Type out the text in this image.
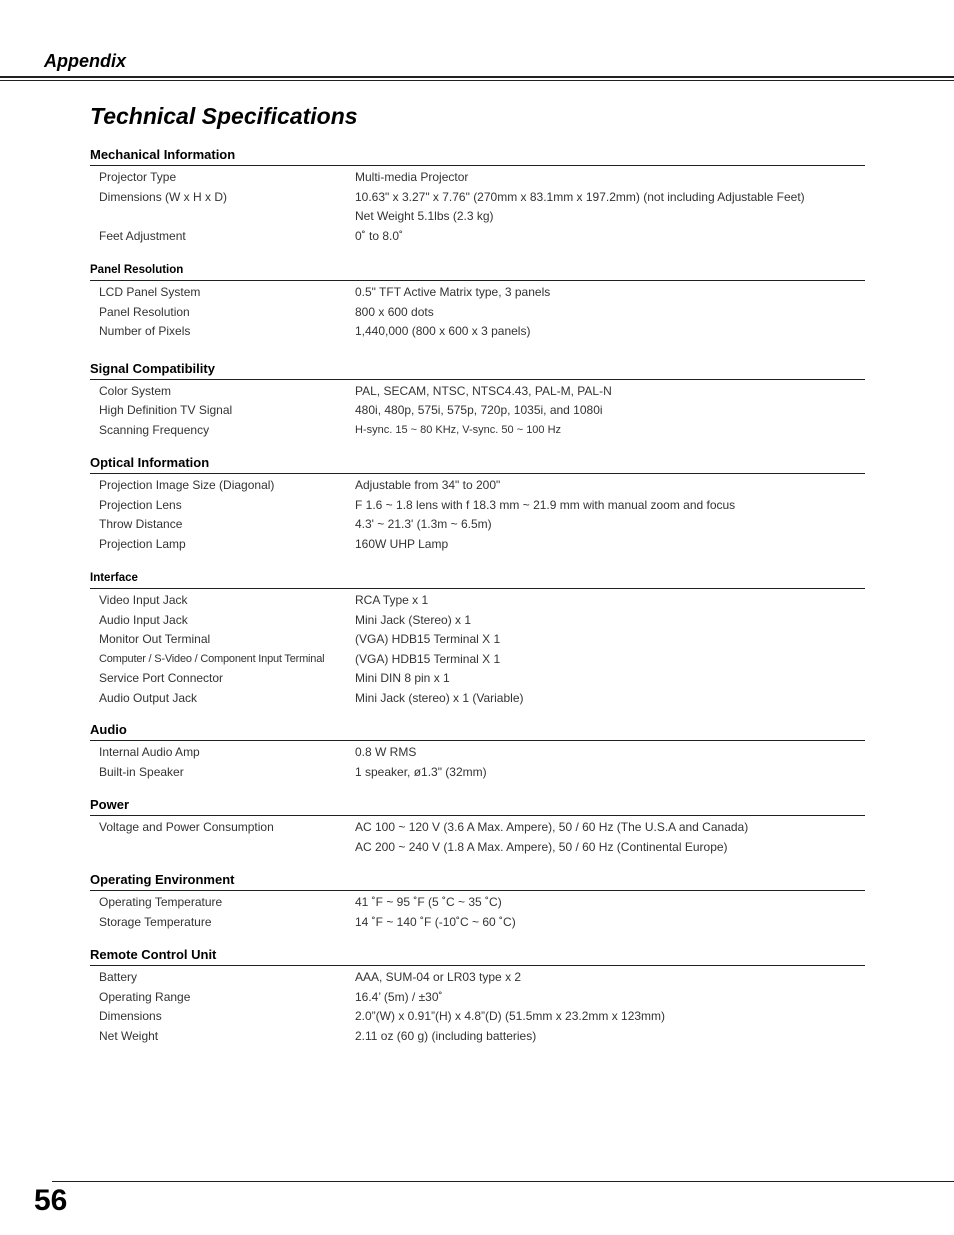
Appendix
Technical Specifications
Mechanical Information
Projector Type	Multi-media Projector
Dimensions (W x H x D)	10.63" x 3.27" x 7.76" (270mm x 83.1mm x 197.2mm) (not including Adjustable Feet)
Net Weight 5.1lbs (2.3 kg)
Feet Adjustment	0˚ to 8.0˚
Panel Resolution
LCD Panel System	0.5" TFT Active Matrix type, 3 panels
Panel Resolution	800 x 600 dots
Number of Pixels	1,440,000 (800 x 600 x 3 panels)
Signal Compatibility
Color System	PAL, SECAM, NTSC, NTSC4.43, PAL-M, PAL-N
High Definition TV Signal	480i, 480p, 575i, 575p, 720p, 1035i, and 1080i
Scanning Frequency	H-sync. 15 ~ 80 KHz, V-sync. 50 ~ 100 Hz
Optical Information
Projection Image Size (Diagonal)	Adjustable from 34" to 200"
Projection Lens	F 1.6 ~ 1.8 lens with f 18.3 mm ~ 21.9 mm with manual zoom and focus
Throw Distance	4.3' ~ 21.3' (1.3m ~ 6.5m)
Projection Lamp	160W UHP Lamp
Interface
Video Input Jack	RCA Type x 1
Audio Input Jack	Mini Jack (Stereo) x 1
Monitor Out Terminal	(VGA) HDB15 Terminal X 1
Computer / S-Video / Component Input Terminal	(VGA) HDB15 Terminal X 1
Service Port Connector	Mini DIN 8 pin x 1
Audio Output Jack	Mini Jack (stereo) x 1 (Variable)
Audio
Internal Audio Amp	0.8 W RMS
Built-in Speaker	1 speaker, ø1.3" (32mm)
Power
Voltage and Power Consumption	AC 100 ~ 120 V (3.6 A Max. Ampere), 50 / 60 Hz (The U.S.A and Canada)
AC 200 ~ 240 V (1.8 A Max. Ampere), 50 / 60 Hz (Continental Europe)
Operating Environment
Operating Temperature	41 ˚F ~ 95 ˚F (5 ˚C ~ 35 ˚C)
Storage Temperature	14 ˚F ~ 140 ˚F (-10˚C ~ 60 ˚C)
Remote Control Unit
Battery	AAA, SUM-04 or LR03 type x 2
Operating Range	16.4’ (5m) / ±30˚
Dimensions	2.0”(W) x 0.91”(H) x 4.8”(D) (51.5mm x 23.2mm x 123mm)
Net Weight	2.11 oz (60 g) (including batteries)
56
